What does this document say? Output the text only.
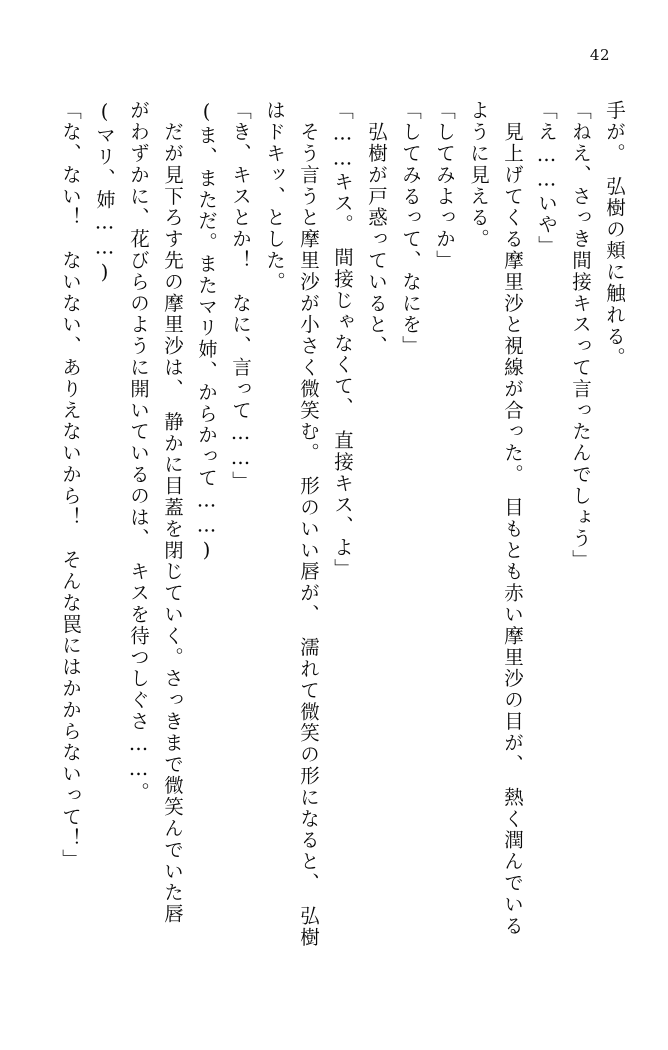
42
手が。　弘樹の頬に触れる。
「ねえ、さっき間接キスって言ったんでしょう」
「え……いや」
　見上げてくる摩里沙と視線が合った。　目もとも赤い摩里沙の目が、　熱く潤んでいる
ように見える。
「してみよっか」
「してみるって、なにを」
　弘樹が戸惑っていると、
「……キス。　間接じゃなくて、　直接キス、よ」
　そう言うと摩里沙が小さく微笑む。　形のいい唇が、　濡れて微笑の形になると、　弘樹
はドキッ、とした。
「き、キスとか！　なに、言って……」
(ま、まただ。またマリ姉、からかって……)
　だが見下ろす先の摩里沙は、　静かに目蓋を閉じていく。さっきまで微笑んでいた唇
がわずかに、花びらのように開いているのは、　キスを待つしぐさ……。
(マリ、姉……)
「な、ない！　ないない、ありえないから！　そんな罠にはかからないって！」
